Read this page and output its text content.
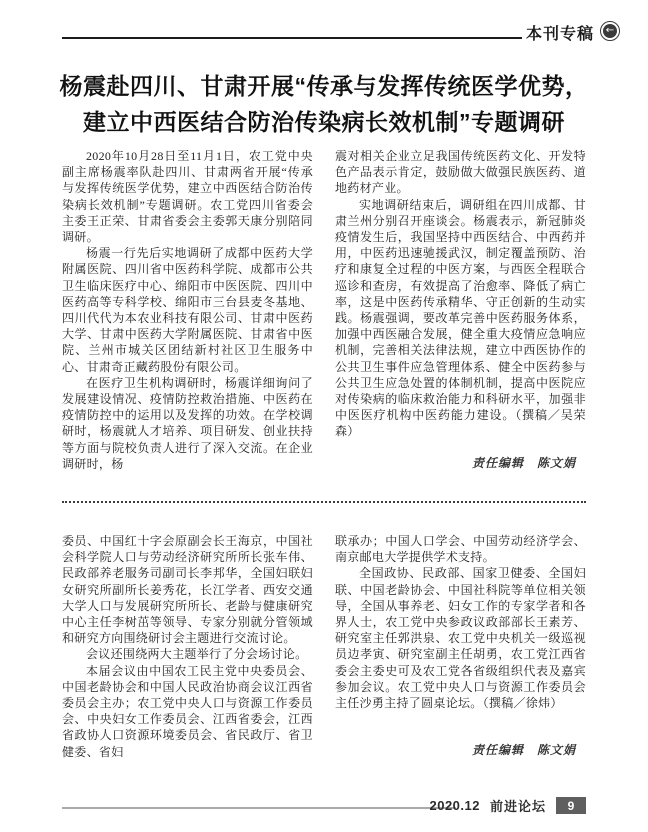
本刊专稿 ←
杨震赴四川、甘肃开展“传承与发挥传统医学优势，
建立中西医结合防治传染病长效机制”专题调研

2020年10月28日至11月1日，农工党中央副主席杨震率队赴四川、甘肃两省开展“传承与发挥传统医学优势，建立中西医结合防治传染病长效机制”专题调研。农工党四川省委会主委王正荣、甘肃省委会主委郭天康分别陪同调研。

杨震一行先后实地调研了成都中医药大学附属医院、四川省中医药科学院、成都市公共卫生临床医疗中心、绵阳市中医医院、四川中医药高等专科学校、绵阳市三台县麦冬基地、四川代代为本农业科技有限公司、甘肃中医药大学、甘肃中医药大学附属医院、甘肃省中医院、兰州市城关区团结新村社区卫生服务中心、甘肃奇正藏药股份有限公司。

在医疗卫生机构调研时，杨震详细询问了发展建设情况、疫情防控救治措施、中医药在疫情防控中的运用以及发挥的功效。在学校调研时，杨震就人才培养、项目研发、创业扶持等方面与院校负责人进行了深入交流。在企业调研时，杨

震对相关企业立足我国传统医药文化、开发特色产品表示肯定，鼓励做大做强民族医药、道地药材产业。

实地调研结束后，调研组在四川成都、甘肃兰州分别召开座谈会。杨震表示，新冠肺炎疫情发生后，我国坚持中西医结合、中西药并用，中医药迅速驰援武汉，制定覆盖预防、治疗和康复全过程的中医方案，与西医全程联合巡诊和查房，有效提高了治愈率、降低了病亡率，这是中医药传承精华、守正创新的生动实践。杨震强调，要改革完善中医药服务体系，加强中西医融合发展，健全重大疫情应急响应机制，完善相关法律法规，建立中西医协作的公共卫生事件应急管理体系、健全中医药参与公共卫生应急处置的体制机制，提高中医院应对传染病的临床救治能力和科研水平，加强非中医医疗机构中医药能力建设。（撰稿／吴荣森）

责任编辑　陈文娟

委员、中国红十字会原副会长王海京，中国社会科学院人口与劳动经济研究所所长张车伟、民政部养老服务司副司长李邦华，全国妇联妇女研究所副所长姜秀花，长江学者、西安交通大学人口与发展研究所所长、老龄与健康研究中心主任李树茁等领导、专家分别就分管领域和研究方向围绕研讨会主题进行交流讨论。

会议还围绕两大主题举行了分会场讨论。

本届会议由中国农工民主党中央委员会、中国老龄协会和中国人民政治协商会议江西省委员会主办；农工党中央人口与资源工作委员会、中央妇女工作委员会、江西省委会，江西省政协人口资源环境委员会、省民政厅、省卫健委、省妇

联承办；中国人口学会、中国劳动经济学会、南京邮电大学提供学术支持。

全国政协、民政部、国家卫健委、全国妇联、中国老龄协会、中国社科院等单位相关领导，全国从事养老、妇女工作的专家学者和各界人士，农工党中央参政议政部部长王素芳、研究室主任郭洪泉、农工党中央机关一级巡视员边孝寅、研究室副主任胡勇，农工党江西省委会主委史可及农工党各省级组织代表及嘉宾参加会议。农工党中央人口与资源工作委员会主任沙勇主持了圆桌论坛。（撰稿／徐炜）

责任编辑　陈文娟
2020.12 前进论坛	9
